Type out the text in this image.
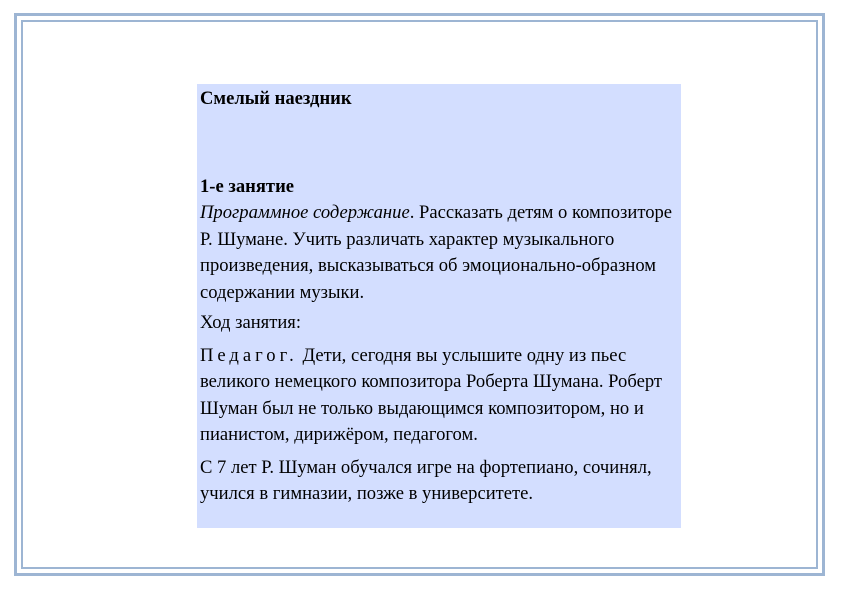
Смелый наездник
1-е занятие

Программное содержание. Рассказать детям о композиторе Р. Шумане. Учить различать характер музыкального произведения, высказываться об эмоционально-образном содержании музыки.

Ход занятия:

Педагог. Дети, сегодня вы услышите одну из пьес великого немецкого композитора Роберта Шумана. Роберт Шуман был не только выдающимся композитором, но и пианистом, дирижёром, педагогом.

С 7 лет Р. Шуман обучался игре на фортепиано, сочинял, учился в гимназии, позже в университете.
